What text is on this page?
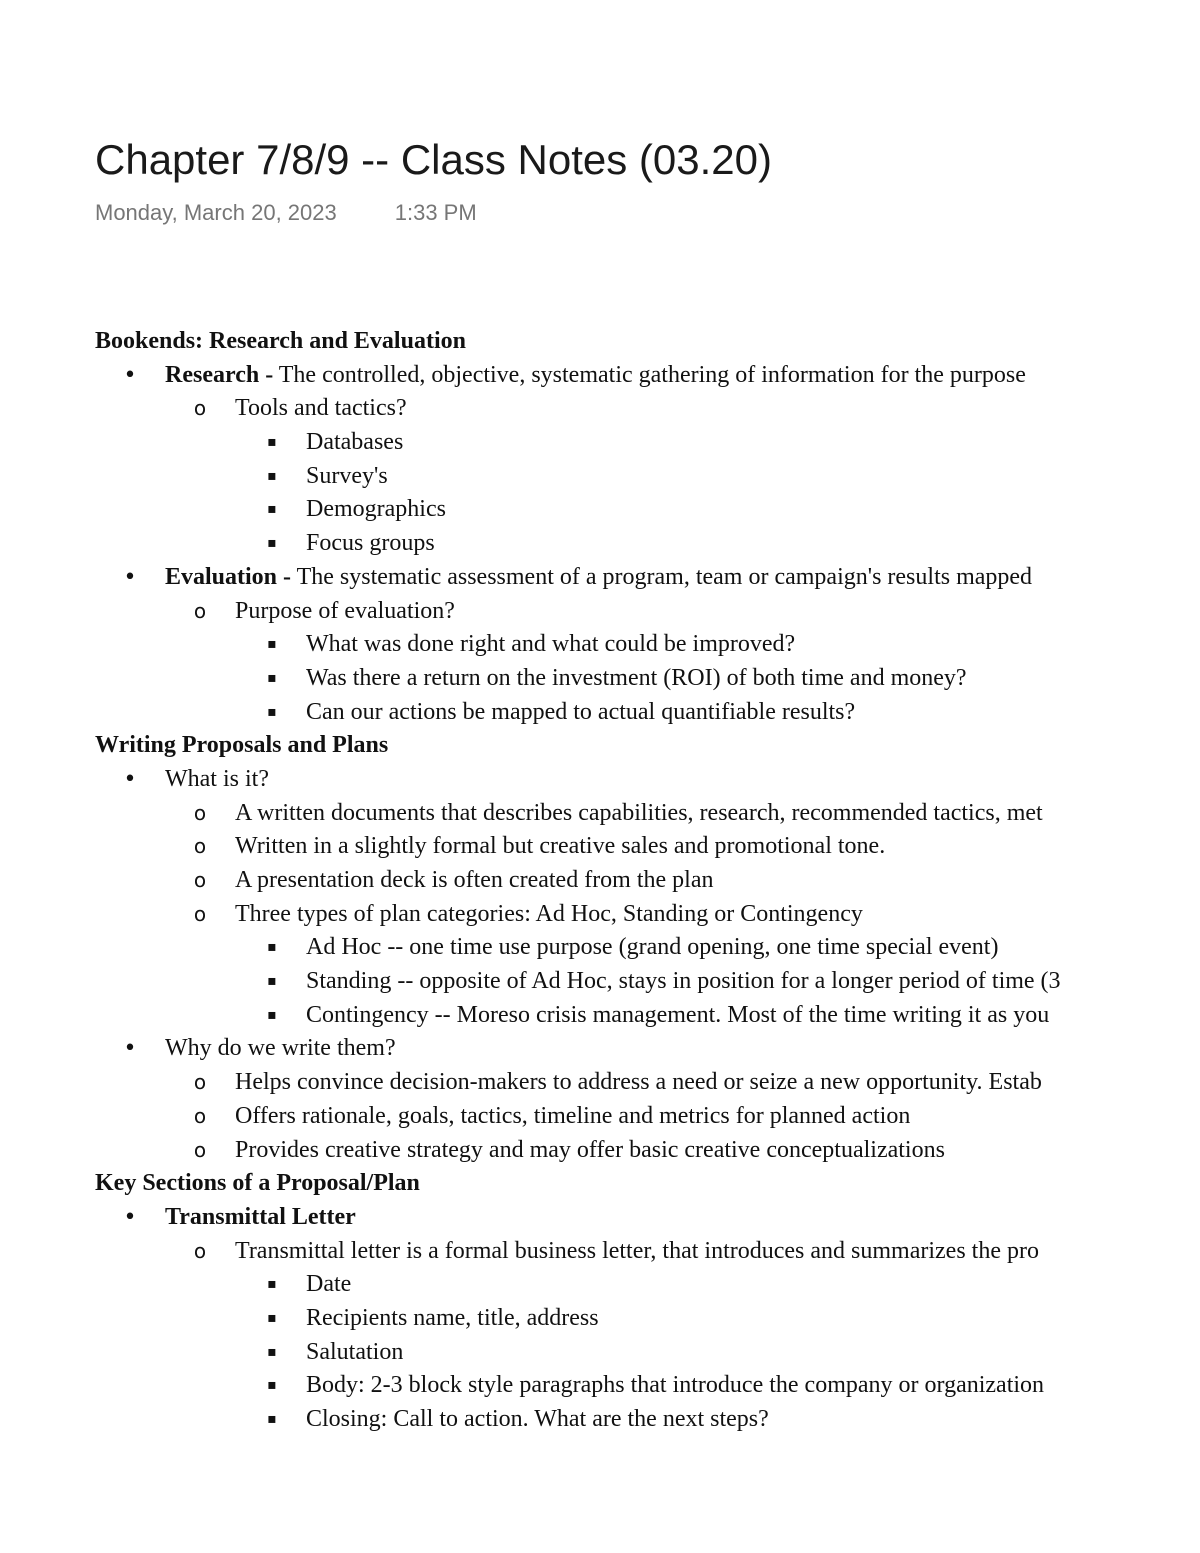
Chapter 7/8/9 -- Class Notes (03.20)
Monday, March 20, 2023	1:33 PM
Bookends: Research and Evaluation
• Research - The controlled, objective, systematic gathering of information for the purpose
o Tools and tactics?
▪ Databases
▪ Survey's
▪ Demographics
▪ Focus groups
• Evaluation - The systematic assessment of a program, team or campaign's results mapped
o Purpose of evaluation?
▪ What was done right and what could be improved?
▪ Was there a return on the investment (ROI) of both time and money?
▪ Can our actions be mapped to actual quantifiable results?
Writing Proposals and Plans
• What is it?
o A written documents that describes capabilities, research, recommended tactics, met
o Written in a slightly formal but creative sales and promotional tone.
o A presentation deck is often created from the plan
o Three types of plan categories: Ad Hoc, Standing or Contingency
▪ Ad Hoc -- one time use purpose (grand opening, one time special event)
▪ Standing -- opposite of Ad Hoc, stays in position for a longer period of time (3
▪ Contingency -- Moreso crisis management. Most of the time writing it as you
• Why do we write them?
o Helps convince decision-makers to address a need or seize a new opportunity. Estab
o Offers rationale, goals, tactics, timeline and metrics for planned action
o Provides creative strategy and may offer basic creative conceptualizations
Key Sections of a Proposal/Plan
• Transmittal Letter
o Transmittal letter is a formal business letter, that introduces and summarizes the pro
▪ Date
▪ Recipients name, title, address
▪ Salutation
▪ Body: 2-3 block style paragraphs that introduce the company or organization
▪ Closing: Call to action. What are the next steps?
